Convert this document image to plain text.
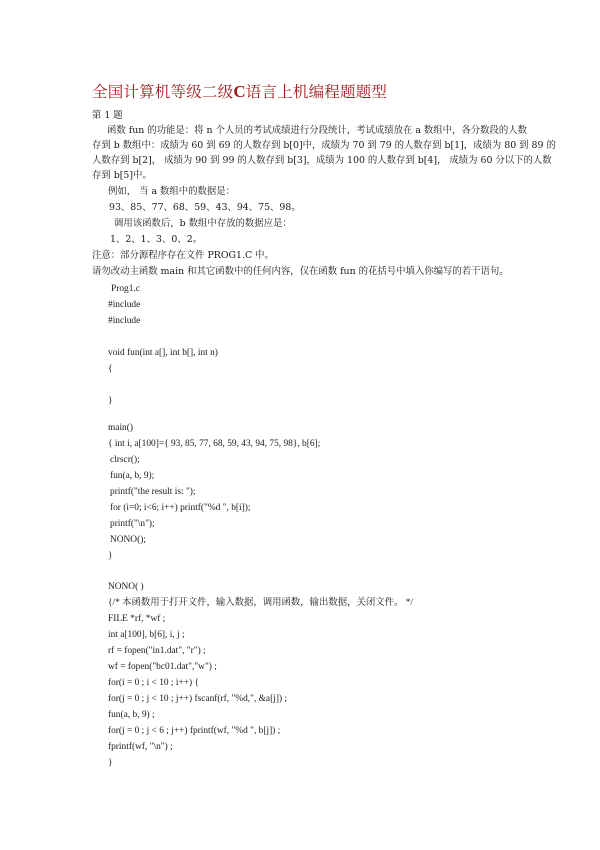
全国计算机等级二级C语言上机编程题题型
第 1 题
函数 fun 的功能是：将 n 个人员的考试成绩进行分段统计，考试成绩放在 a 数组中，各分数段的人数
存到 b 数组中：成绩为 60 到 69 的人数存到 b[0]中，成绩为 70 到 79 的人数存到 b[1]，成绩为 80 到 89 的
人数存到 b[2]， 成绩为 90 到 99 的人数存到 b[3]，成绩为 100 的人数存到 b[4]， 成绩为 60 分以下的人数
存到 b[5]中。
例如， 当 a 数组中的数据是：
93、85、77、68、59、43、94、75、98。
调用该函数后，b 数组中存放的数据应是：
1、2、1、3、0、2。
注意：部分源程序存在文件 PROG1.C 中。
请勿改动主函数 main 和其它函数中的任何内容，仅在函数 fun 的花括号中填入你编写的若干语句。
Prog1.c
#include
#include
void fun(int a[], int b[], int n)
{
}
main()
{ int i, a[100]={ 93, 85, 77, 68, 59, 43, 94, 75, 98}, b[6];
clrscr();
fun(a, b, 9);
printf("the result is: ");
for (i=0; i<6; i++) printf("%d ", b[i]);
printf("\n");
NONO();
}
NONO( )
{/* 本函数用于打开文件，输入数据，调用函数，输出数据，关闭文件。 */
FILE *rf, *wf ;
int a[100], b[6], i, j ;
rf = fopen("in1.dat", "r") ;
wf = fopen("bc01.dat","w") ;
for(i = 0 ; i < 10 ; i++) {
for(j = 0 ; j < 10 ; j++) fscanf(rf, "%d,", &a[j]) ;
fun(a, b, 9) ;
for(j = 0 ; j < 6 ; j++) fprintf(wf, "%d ", b[j]) ;
fprintf(wf, "\n") ;
}
